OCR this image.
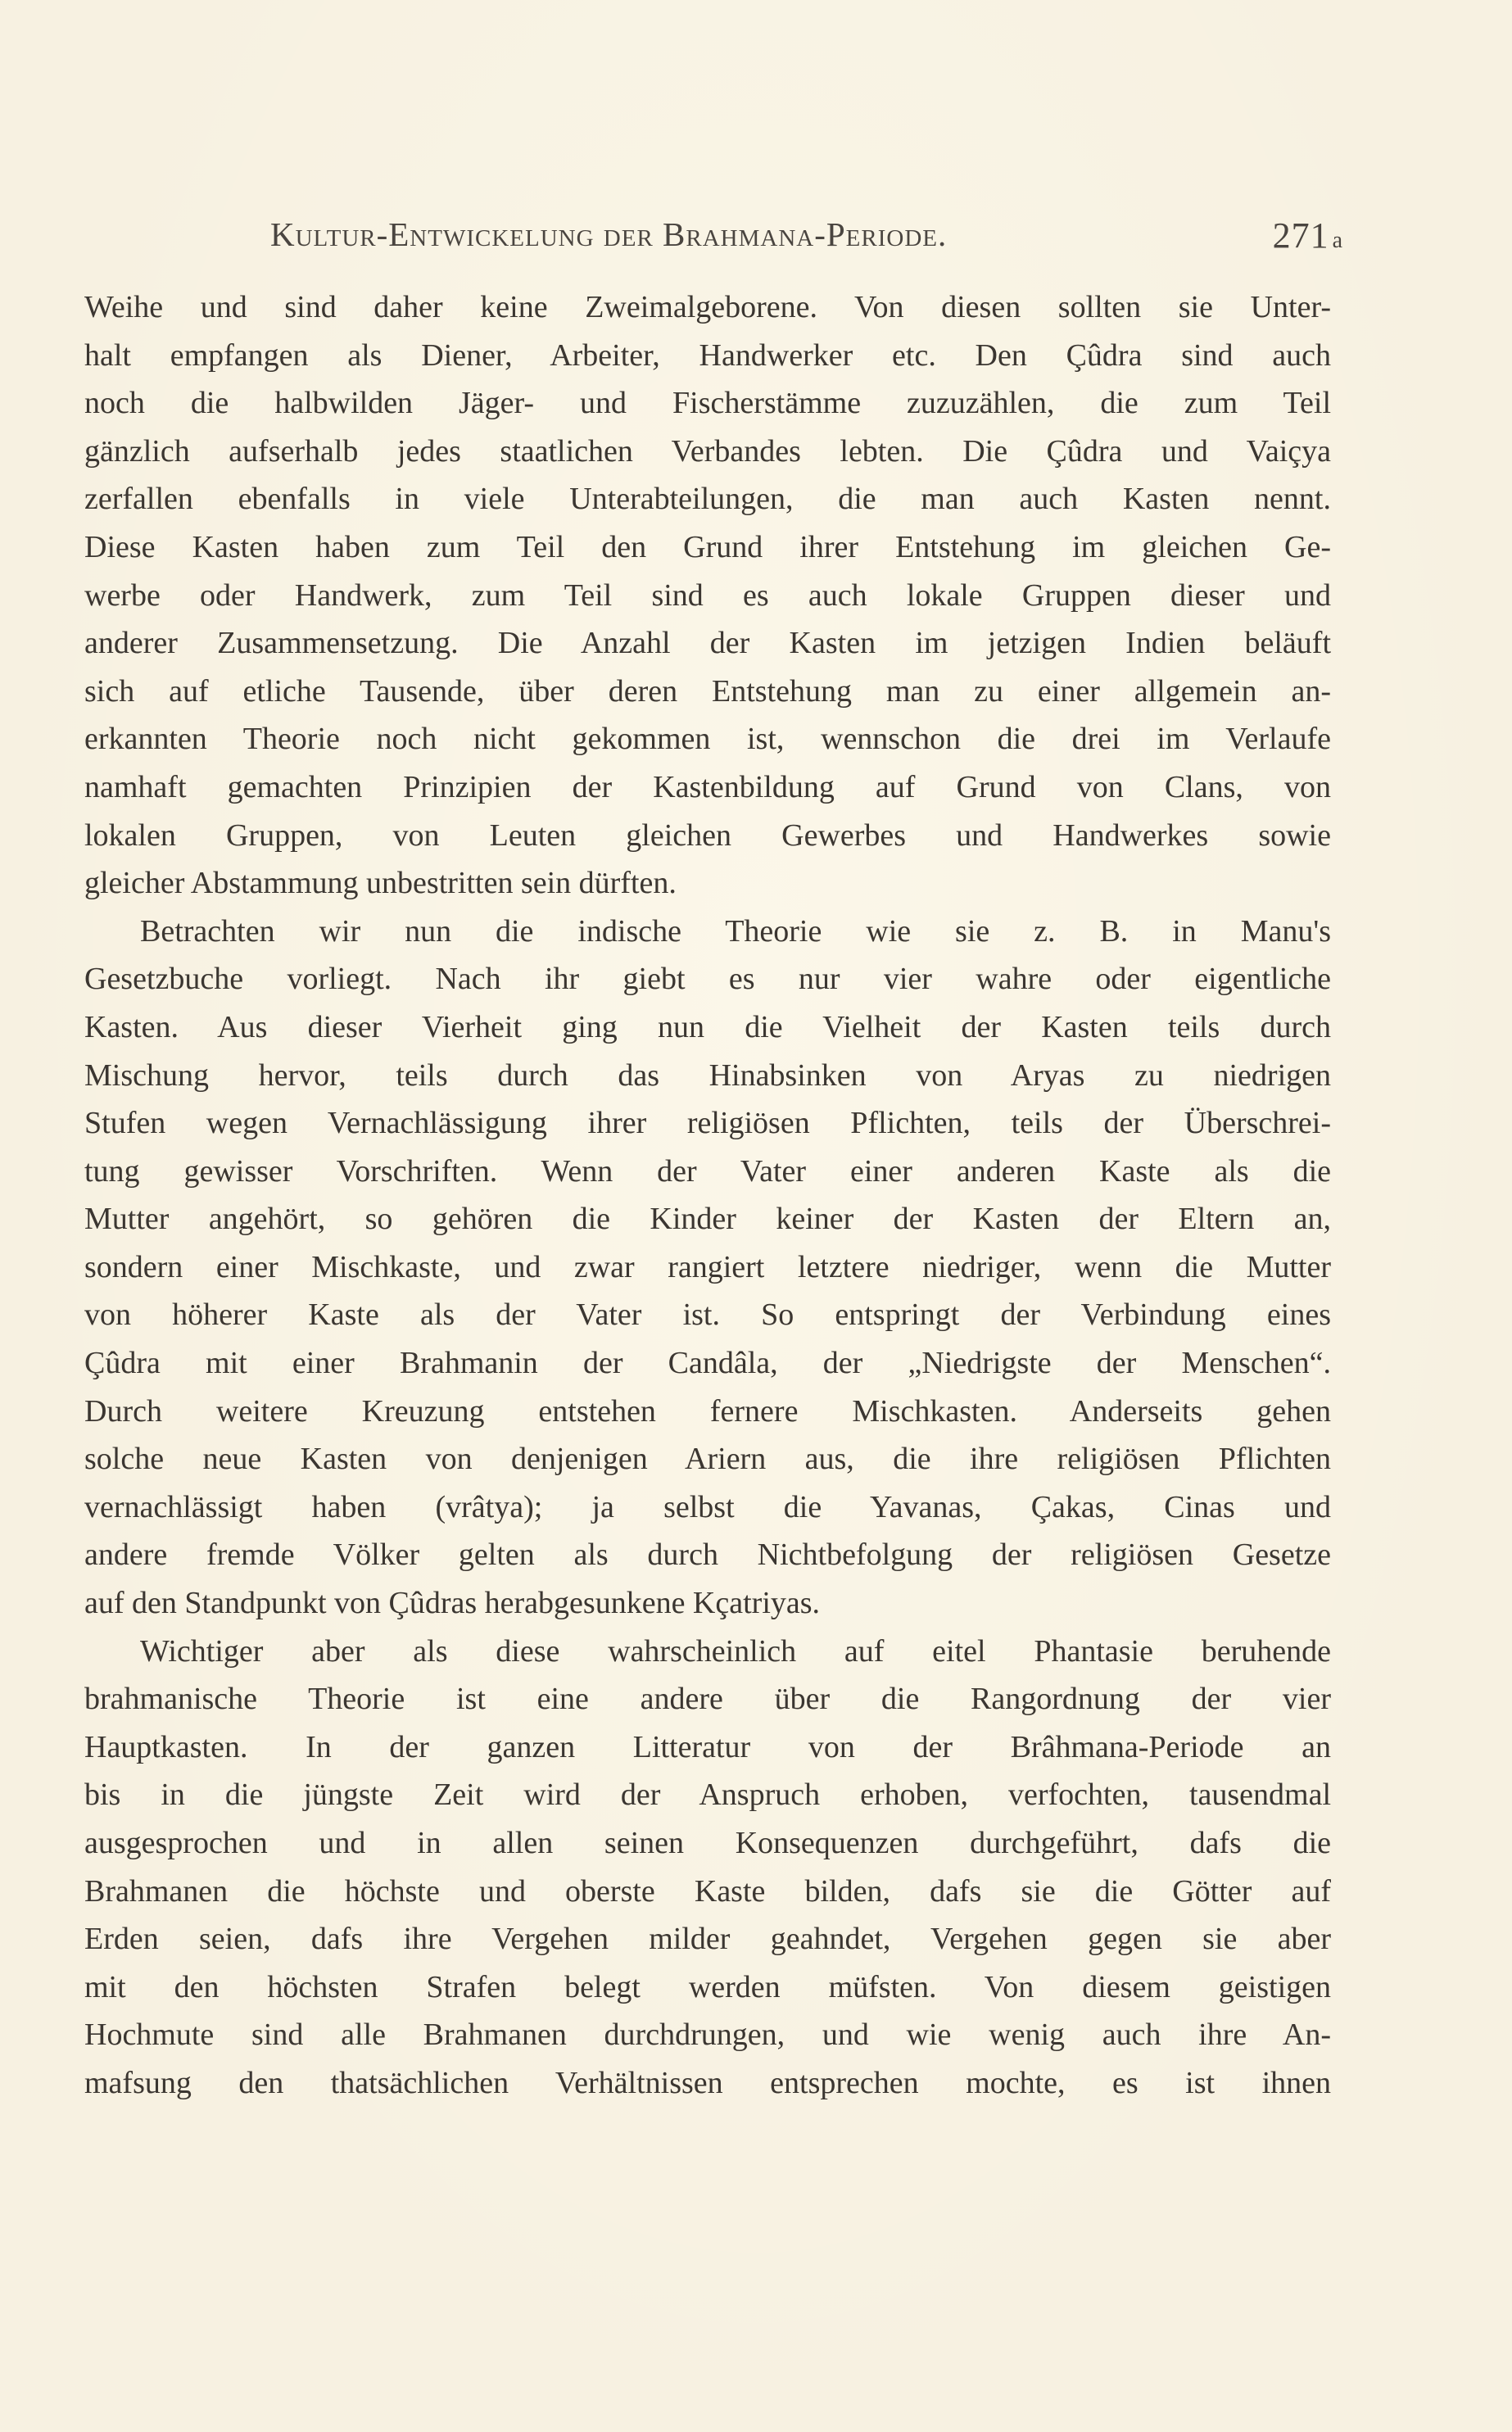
Kultur-Entwickelung der Brahmana-Periode.	271 a
Weihe und sind daher keine Zweimalgeborene. Von diesen sollten sie Unter-
halt empfangen als Diener, Arbeiter, Handwerker etc. Den Çûdra sind auch
noch die halbwilden Jäger- und Fischerstämme zuzuzählen, die zum Teil
gänzlich aufserhalb jedes staatlichen Verbandes lebten. Die Çûdra und Vaiçya
zerfallen ebenfalls in viele Unterabteilungen, die man auch Kasten nennt.
Diese Kasten haben zum Teil den Grund ihrer Entstehung im gleichen Ge-
werbe oder Handwerk, zum Teil sind es auch lokale Gruppen dieser und
anderer Zusammensetzung. Die Anzahl der Kasten im jetzigen Indien beläuft
sich auf etliche Tausende, über deren Entstehung man zu einer allgemein an-
erkannten Theorie noch nicht gekommen ist, wennschon die drei im Verlaufe
namhaft gemachten Prinzipien der Kastenbildung auf Grund von Clans, von
lokalen Gruppen, von Leuten gleichen Gewerbes und Handwerkes sowie
gleicher Abstammung unbestritten sein dürften.
Betrachten wir nun die indische Theorie wie sie z. B. in Manu's
Gesetzbuche vorliegt. Nach ihr giebt es nur vier wahre oder eigentliche
Kasten. Aus dieser Vierheit ging nun die Vielheit der Kasten teils durch
Mischung hervor, teils durch das Hinabsinken von Aryas zu niedrigen
Stufen wegen Vernachlässigung ihrer religiösen Pflichten, teils der Überschrei-
tung gewisser Vorschriften. Wenn der Vater einer anderen Kaste als die
Mutter angehört, so gehören die Kinder keiner der Kasten der Eltern an,
sondern einer Mischkaste, und zwar rangiert letztere niedriger, wenn die Mutter
von höherer Kaste als der Vater ist. So entspringt der Verbindung eines
Çûdra mit einer Brahmanin der Candâla, der „Niedrigste der Menschen“.
Durch weitere Kreuzung entstehen fernere Mischkasten. Anderseits gehen
solche neue Kasten von denjenigen Ariern aus, die ihre religiösen Pflichten
vernachlässigt haben (vrâtya); ja selbst die Yavanas, Çakas, Cinas und
andere fremde Völker gelten als durch Nichtbefolgung der religiösen Gesetze
auf den Standpunkt von Çûdras herabgesunkene Kçatriyas.
Wichtiger aber als diese wahrscheinlich auf eitel Phantasie beruhende
brahmanische Theorie ist eine andere über die Rangordnung der vier
Hauptkasten. In der ganzen Litteratur von der Brâhmana-Periode an
bis in die jüngste Zeit wird der Anspruch erhoben, verfochten, tausendmal
ausgesprochen und in allen seinen Konsequenzen durchgeführt, dafs die
Brahmanen die höchste und oberste Kaste bilden, dafs sie die Götter auf
Erden seien, dafs ihre Vergehen milder geahndet, Vergehen gegen sie aber
mit den höchsten Strafen belegt werden müfsten. Von diesem geistigen
Hochmute sind alle Brahmanen durchdrungen, und wie wenig auch ihre An-
mafsung den thatsächlichen Verhältnissen entsprechen mochte, es ist ihnen
